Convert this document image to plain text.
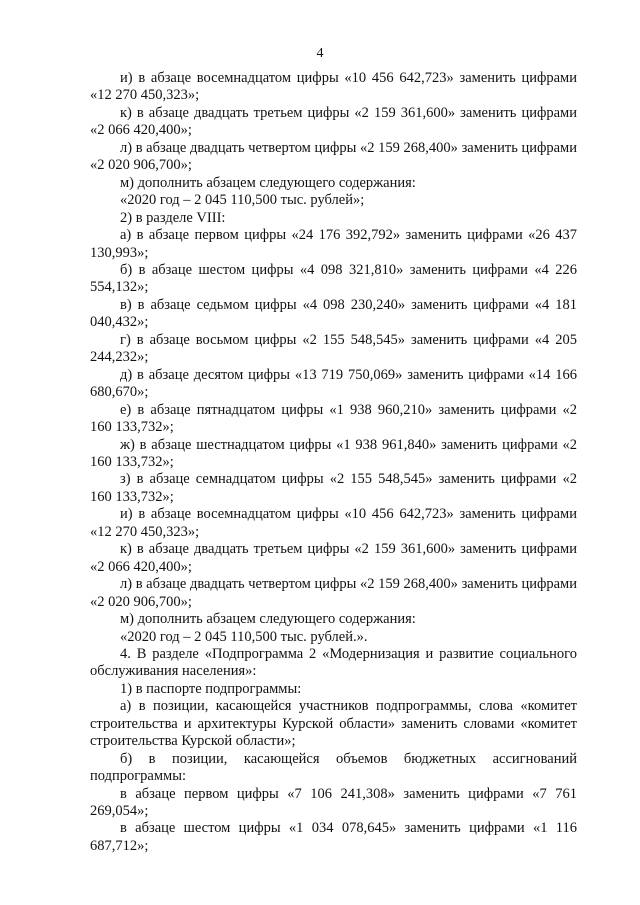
4

и) в абзаце восемнадцатом цифры «10 456 642,723» заменить цифрами «12 270 450,323»;

к) в абзаце двадцать третьем цифры «2 159 361,600» заменить цифрами «2 066 420,400»;

л) в абзаце двадцать четвертом цифры «2 159 268,400» заменить цифрами «2 020 906,700»;

м) дополнить абзацем следующего содержания:

«2020 год – 2 045 110,500 тыс. рублей»;

2) в разделе VIII:

а) в абзаце первом цифры «24 176 392,792» заменить цифрами «26 437 130,993»;

б) в абзаце шестом цифры «4 098 321,810» заменить цифрами «4 226 554,132»;

в) в абзаце седьмом цифры «4 098 230,240» заменить цифрами «4 181 040,432»;

г) в абзаце восьмом цифры «2 155 548,545» заменить цифрами «4 205 244,232»;

д) в абзаце десятом цифры «13 719 750,069» заменить цифрами «14 166 680,670»;

е) в абзаце пятнадцатом цифры «1 938 960,210» заменить цифрами «2 160 133,732»;

ж) в абзаце шестнадцатом цифры «1 938 961,840» заменить цифрами «2 160 133,732»;

з) в абзаце семнадцатом цифры «2 155 548,545» заменить цифрами «2 160 133,732»;

и) в абзаце восемнадцатом цифры «10 456 642,723» заменить цифрами «12 270 450,323»;

к) в абзаце двадцать третьем цифры «2 159 361,600» заменить цифрами «2 066 420,400»;

л) в абзаце двадцать четвертом цифры «2 159 268,400» заменить цифрами «2 020 906,700»;

м) дополнить абзацем следующего содержания:

«2020 год – 2 045 110,500 тыс. рублей.».

4. В разделе «Подпрограмма 2 «Модернизация и развитие социального обслуживания населения»:

1) в паспорте подпрограммы:

а) в позиции, касающейся участников подпрограммы, слова «комитет строительства и архитектуры Курской области» заменить словами «комитет строительства Курской области»;

б) в позиции, касающейся объемов бюджетных ассигнований подпрограммы:

в абзаце первом цифры «7 106 241,308» заменить цифрами «7 761 269,054»;

в абзаце шестом цифры «1 034 078,645» заменить цифрами «1 116 687,712»;
